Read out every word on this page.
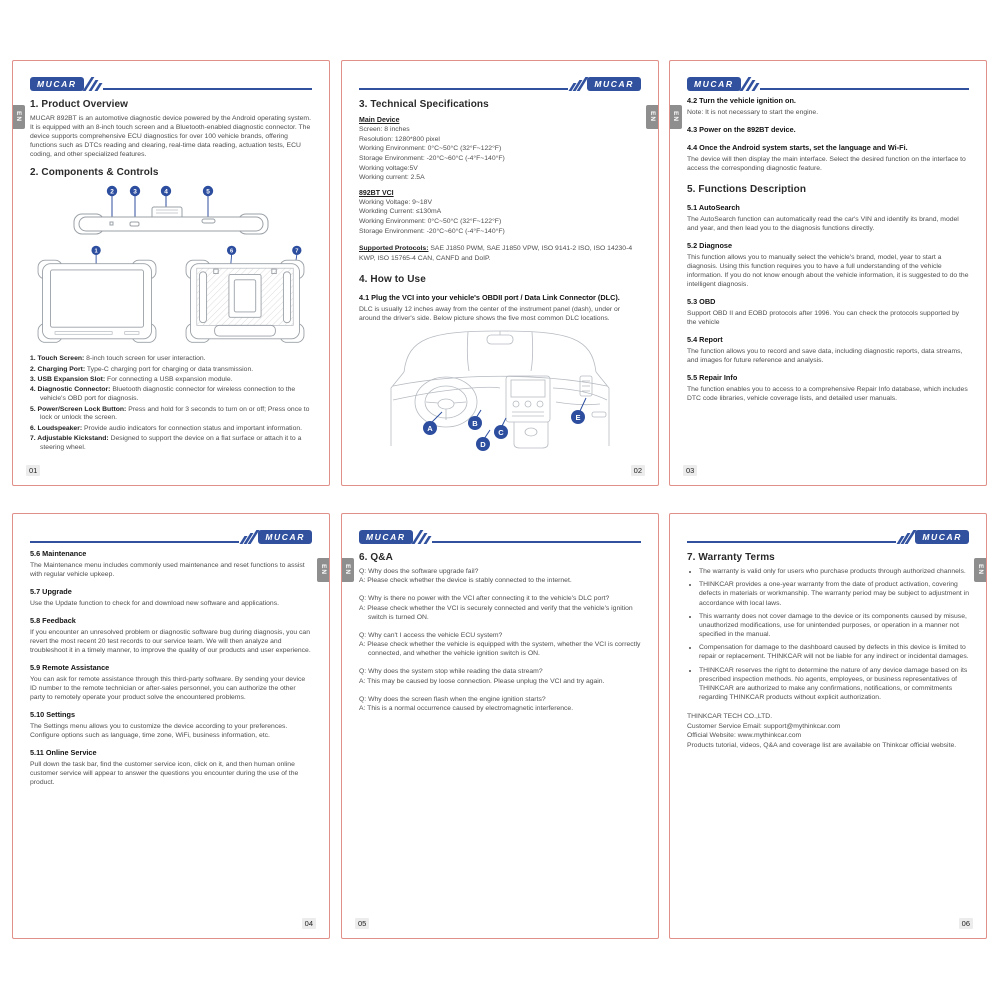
MUCAR
EN
1. Product Overview

MUCAR 892BT is an automotive diagnostic device powered by the Android operating system. It is equipped with an 8-inch touch screen and a Bluetooth-enabled diagnostic connector. The device supports comprehensive ECU diagnostics for over 100 vehicle brands, offering functions such as DTCs reading and clearing, real-time data reading, actuation tests, ECU coding, and other specialized features.

2. Components & Controls
2	3	4	5
1	6	7
1. Touch Screen: 8-inch touch screen for user interaction.
2. Charging Port: Type-C charging port for charging or data transmission.
3. USB Expansion Slot: For connecting a USB expansion module.
4. Diagnostic Connector: Bluetooth diagnostic connector for wireless connection to the vehicle's OBD port for diagnosis.
5. Power/Screen Lock Button: Press and hold for 3 seconds to turn on or off; Press once to lock or unlock the screen.
6. Loudspeaker: Provide audio indicators for connection status and important information.
7. Adjustable Kickstand: Designed to support the device on a flat surface or attach it to a steering wheel.
01
MUCAR
EN
3. Technical Specifications
Main Device

Screen: 8 inches

Resolution: 1280*800 pixel

Working Environment: 0°C~50°C (32°F~122°F)

Storage Environment: -20°C~60°C (-4°F~140°F)

Working voltage:5V

Working current: 2.5A

892BT VCI

Working Voltage: 9~18V

Workding Current: ≤130mA

Working Environment: 0°C~50°C (32°F~122°F)

Storage Environment: -20°C~60°C (-4°F~140°F)

Supported Protocols: SAE J1850 PWM, SAE J1850 VPW, ISO 9141-2 ISO, ISO 14230-4 KWP, ISO 15765-4 CAN, CANFD and DoIP.

4. How to Use
4.1 Plug the VCI into your vehicle's OBDII port / Data Link Connector (DLC).

DLC is usually 12 inches away from the center of the instrument panel (dash), under or around the driver's side. Below picture shows the five most common DLC locations.

A
B
C
D
E
02
MUCAR
EN
4.2 Turn the vehicle ignition on.

Note: It is not necessary to start the engine.

4.3 Power on the 892BT device.
4.4 Once the Android system starts, set the language and Wi-Fi.

The device will then display the main interface. Select the desired function on the interface to access the corresponding diagnostic feature.

5. Functions Description
5.1 AutoSearch

The AutoSearch function can automatically read the car's VIN and identify its brand, model and year, and then lead you to the diagnosis functions directly.

5.2 Diagnose

This function allows you to manually select the vehicle's brand, model, year to start a diagnosis. Using this function requires you to have a full understanding of the vehicle information. If you do not know enough about the vehicle information, it is suggested to do the intelligent diagnosis.

5.3 OBD

Support OBD II and EOBD protocols after 1996. You can check the protocols supported by the vehicle

5.4 Report

The function allows you to record and save data, including diagnostic reports, data streams, and images for future reference and analysis.

5.5 Repair Info

The function enables you to access to a comprehensive Repair Info database, which includes DTC code libraries, vehicle coverage lists, and detailed user manuals.

03
MUCAR
EN
5.6 Maintenance

The Maintenance menu includes commonly used maintenance and reset functions to assist with regular vehicle upkeep.

5.7 Upgrade

Use the Update function to check for and download new software and applications.

5.8 Feedback

If you encounter an unresolved problem or diagnostic software bug during diagnosis, you can revert the most recent 20 test records to our service team. We will then analyze and troubleshoot it in a timely manner, to improve the quality of our products and user experience.

5.9 Remote Assistance

You can ask for remote assistance through this third-party software. By sending your device ID number to the remote technician or after-sales personnel, you can authorize the other party to remotely operate your product solve the encountered problems.

5.10 Settings

The Settings menu allows you to customize the device according to your preferences. Configure options such as language, time zone, WiFi, business information, etc.

5.11 Online Service

Pull down the task bar, find the customer service icon, click on it, and then human online customer service will appear to answer the questions you encounter during the use of the product.

04
MUCAR
EN
6. Q&A
Q: Why does the software upgrade fail?
A: Please check whether the device is stably connected to the internet.
Q: Why is there no power with the VCI after connecting it to the vehicle's DLC port?
A: Please check whether the VCI is securely connected and verify that the vehicle's ignition switch is turned ON.
Q: Why can't I access the vehicle ECU system?
A: Please check whether the vehicle is equipped with the system, whether the VCI is correctly connected, and whether the vehicle ignition switch is ON.
Q: Why does the system stop while reading the data stream?
A: This may be caused by loose connection. Please unplug the VCI and try again.
Q: Why does the screen flash when the engine ignition starts?
A: This is a normal occurrence caused by electromagnetic interference.
05
MUCAR
EN
7. Warranty Terms
• The warranty is valid only for users who purchase products through authorized channels.
• THINKCAR provides a one-year warranty from the date of product activation, covering defects in materials or workmanship. The warranty period may be subject to adjustment in accordance with local laws.
• This warranty does not cover damage to the device or its components caused by misuse, unauthorized modifications, use for unintended purposes, or operation in a manner not specified in the manual.
• Compensation for damage to the dashboard caused by defects in this device is limited to repair or replacement. THINKCAR will not be liable for any indirect or incidental damages.
• THINKCAR reserves the right to determine the nature of any device damage based on its prescribed inspection methods. No agents, employees, or business representatives of THINKCAR are authorized to make any confirmations, notifications, or commitments regarding THINKCAR products without explicit authorization.

THINKCAR TECH CO.,LTD.

Customer Service Email: support@mythinkcar.com

Official Website: www.mythinkcar.com

Products tutorial, videos, Q&A and coverage list are available on Thinkcar official website.

06
